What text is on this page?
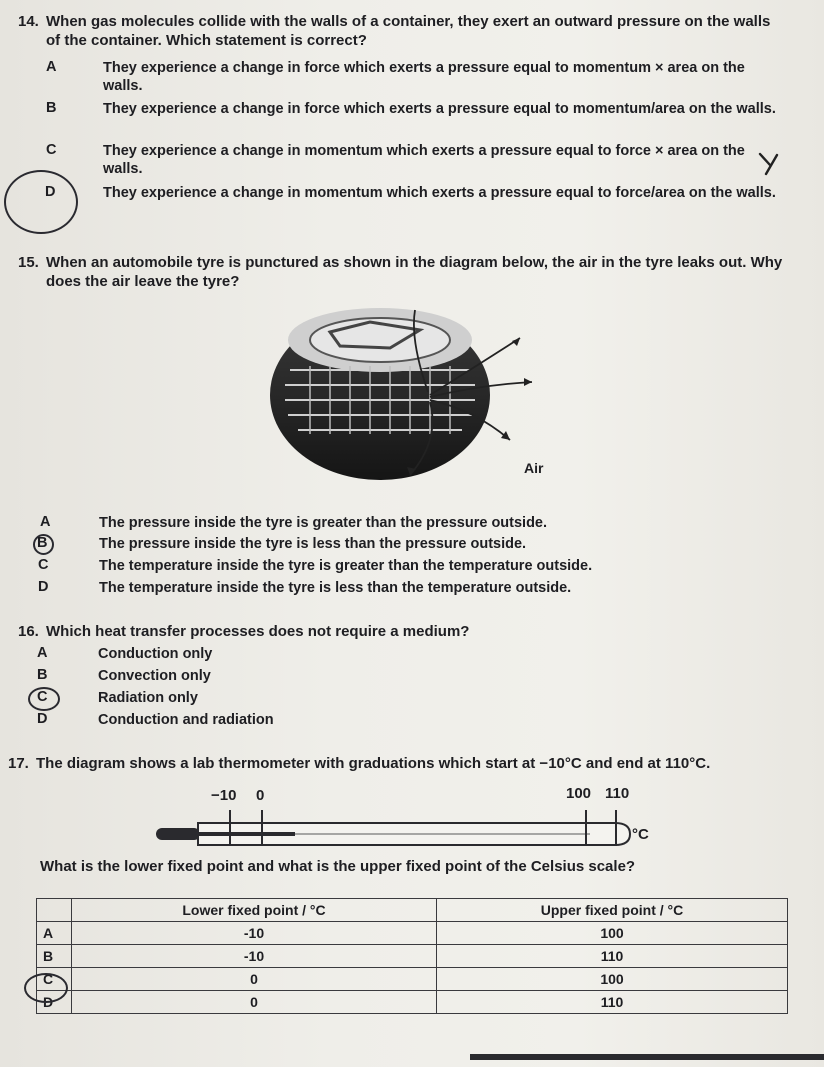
14. When gas molecules collide with the walls of a container, they exert an outward pressure on the walls of the container. Which statement is correct?
A	They experience a change in force which exerts a pressure equal to momentum × area on the walls.
B	They experience a change in force which exerts a pressure equal to momentum/area on the walls.
C	They experience a change in momentum which exerts a pressure equal to force × area on the walls.
D	They experience a change in momentum which exerts a pressure equal to force/area on the walls.
15. When an automobile tyre is punctured as shown in the diagram below, the air in the tyre leaks out. Why does the air leave the tyre?
Air
A	The pressure inside the tyre is greater than the pressure outside.
B	The pressure inside the tyre is less than the pressure outside.
C	The temperature inside the tyre is greater than the temperature outside.
D	The temperature inside the tyre is less than the temperature outside.
16. Which heat transfer processes does not require a medium?
A	Conduction only
B	Convection only
C	Radiation only
D	Conduction and radiation
17. The diagram shows a lab thermometer with graduations which start at −10°C and end at 110°C.
−10 0	100 110
°C
What is the lower fixed point and what is the upper fixed point of the Celsius scale?
	Lower fixed point / °C	Upper fixed point / °C
A	-10	100
B	-10	110
C	0	100
D	0	110
